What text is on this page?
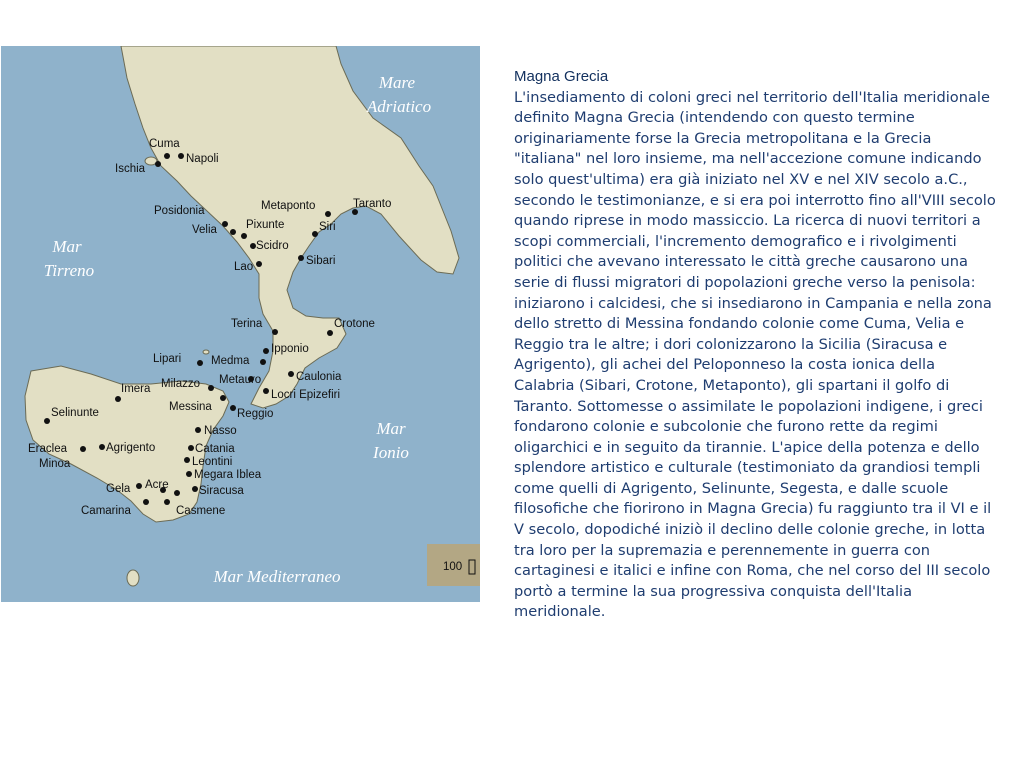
Mare
Adriatico
Mar
Tirreno
Mar
Ionio
Mar Mediterraneo
Cuma
Napoli
Ischia
Posidonia
Velia	Pixunte
Scidro
Lao
Metaponto	Taranto
Siri
Sibari
Terina	Crotone
Ipponio
Caulonia
Medma
Metauro
Lipari
Milazzo
Imera
Messina
Locri Epizefiri
Reggio
Selinunte
Nasso
Eraclea
Minoa
Agrigento	Catania
Leontini
Megara Iblea
Gela Acre	Siracusa
Camarina	Casmene
100
Magna Grecia
L'insediamento di coloni greci nel territorio dell'Italia meridionale definito Magna Grecia (intendendo con questo termine originariamente forse la Grecia metropolitana e la Grecia "italiana" nel loro insieme, ma nell'accezione comune indicando solo quest'ultima) era già iniziato nel XV e nel XIV secolo a.C., secondo le testimonianze, e si era poi interrotto fino all'VIII secolo quando riprese in modo massiccio. La ricerca di nuovi territori a scopi commerciali, l'incremento demografico e i rivolgimenti politici che avevano interessato le città greche causarono una serie di flussi migratori di popolazioni greche verso la penisola: iniziarono i calcidesi, che si insediarono in Campania e nella zona dello stretto di Messina fondando colonie come Cuma, Velia e Reggio tra le altre; i dori colonizzarono la Sicilia (Siracusa e Agrigento), gli achei del Peloponneso la costa ionica della Calabria (Sibari, Crotone, Metaponto), gli spartani il golfo di Taranto. Sottomesse o assimilate le popolazioni indigene, i greci fondarono colonie e subcolonie che furono rette da regimi oligarchici e in seguito da tirannie. L'apice della potenza e dello splendore artistico e culturale (testimoniato da grandiosi templi come quelli di Agrigento, Selinunte, Segesta, e dalle scuole filosofiche che fiorirono in Magna Grecia) fu raggiunto tra il VI e il V secolo, dopodiché iniziò il declino delle colonie greche, in lotta tra loro per la supremazia e perennemente in guerra con cartaginesi e italici e infine con Roma, che nel corso del III secolo portò a termine la sua progressiva conquista dell'Italia meridionale.
